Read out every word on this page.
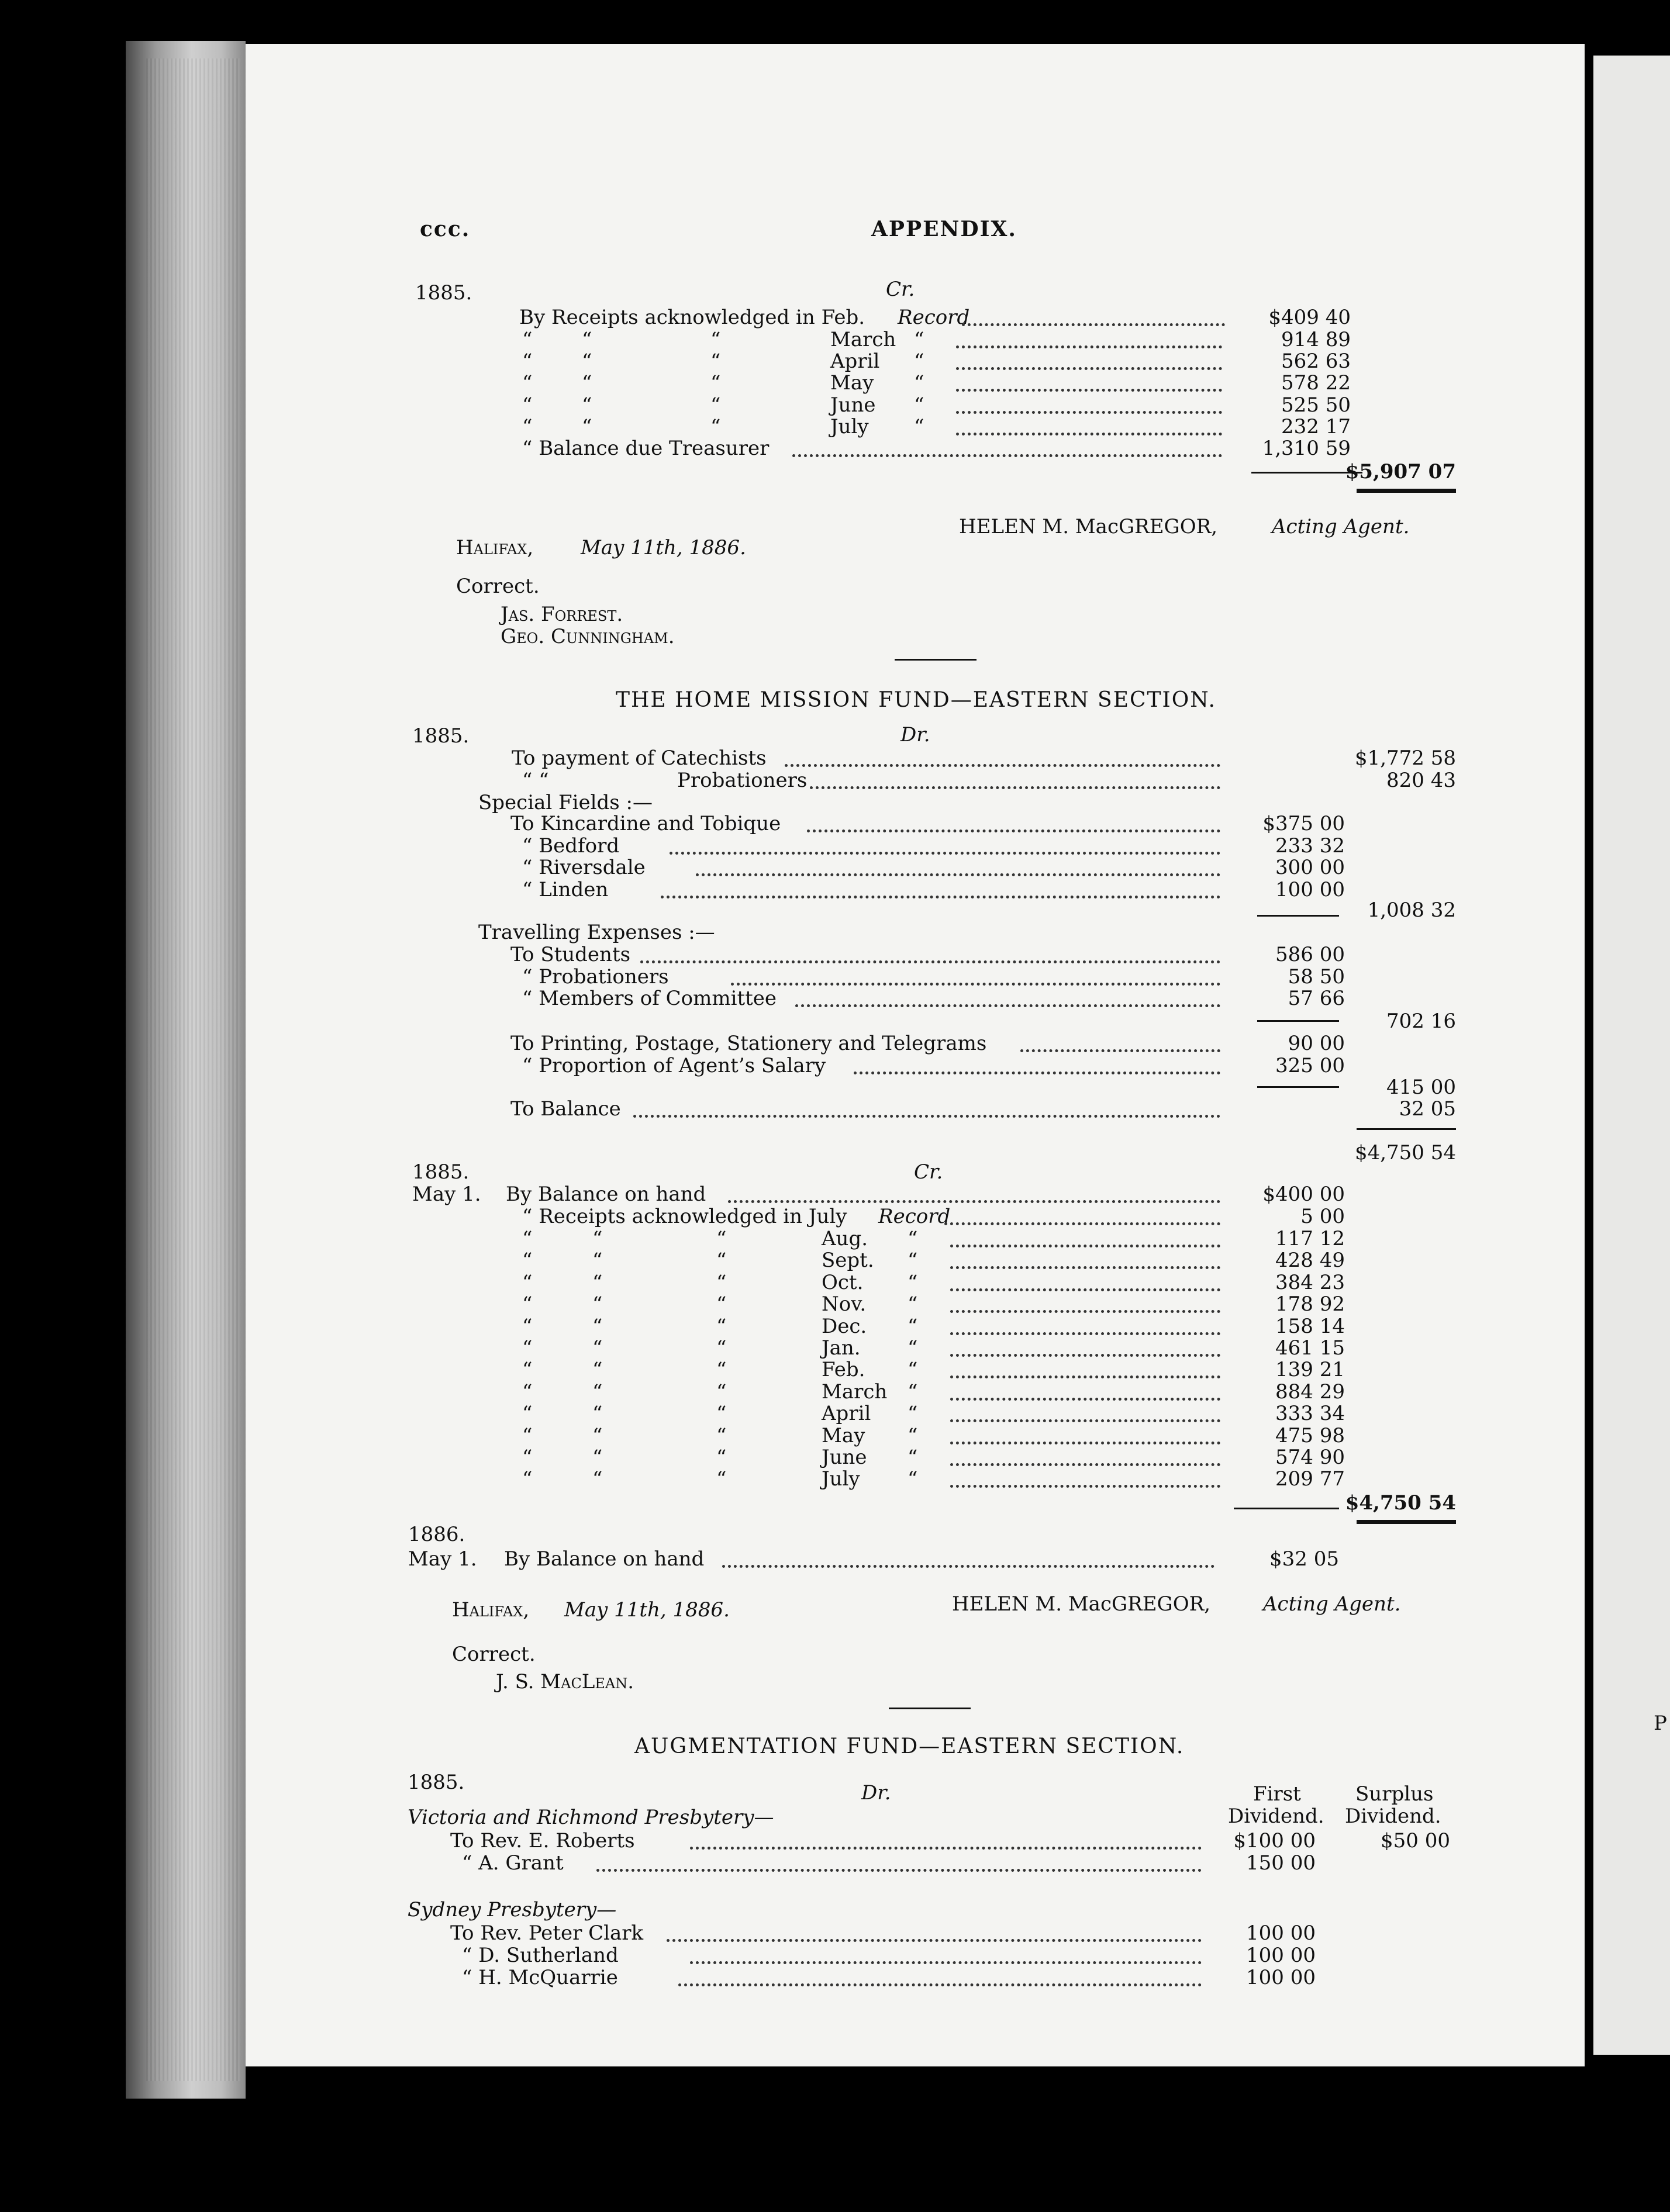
P
ccc.	APPENDIX.
1885.	Cr.
By Receipts acknowledged in Feb. Record	$409 40
“ “	“	March “	914 89
“ “	“	April “	562 63
“ “	“	May “	578 22
“ “	“	June “	525 50
“ “	“	July “	232 17
“ Balance due Treasurer	1,310 59
$5,907 07
Halifax, May 11th, 1886.
HELEN M. MacGREGOR,	Acting Agent.
Correct.
Jas. Forrest.
Geo. Cunningham.
THE HOME MISSION FUND—EASTERN SECTION.
1885.	Dr.
To payment of Catechists	$1,772 58
“ “	Probationers	820 43
Special Fields :—
To Kincardine and Tobique	$375 00
“ Bedford	233 32
“ Riversdale	300 00
“ Linden	100 00
1,008 32
Travelling Expenses :—
To Students	586 00
“ Probationers	58 50
“ Members of Committee	57 66
702 16
To Printing, Postage, Stationery and Telegrams	90 00
“ Proportion of Agent’s Salary	325 00
415 00
To Balance	32 05
$4,750 54
1885.	Cr.
May 1. By Balance on hand	$400 00
“ Receipts acknowledged in July Record	5 00
“	“	“	Aug. “	117 12
“	“	“	Sept. “	428 49
“	“	“	Oct. “	384 23
“	“	“	Nov. “	178 92
“	“	“	Dec. “	158 14
“	“	“	Jan. “	461 15
“	“	“	Feb. “	139 21
“	“	“	March “	884 29
“	“	“	April “	333 34
“	“	“	May “	475 98
“	“	“	June “	574 90
“	“	“	July “	209 77
$4,750 54
1886.
May 1. By Balance on hand	$32 05
Halifax, May 11th, 1886.	HELEN M. MacGREGOR,	Acting Agent.
Correct.
J. S. MacLean.
AUGMENTATION FUND—EASTERN SECTION.
1885.	Dr.	First
Dividend.
Surplus
Dividend.
Victoria and Richmond Presbytery—
To Rev. E. Roberts	$100 00	$50 00
“ A. Grant	150 00
Sydney Presbytery—
To Rev. Peter Clark	100 00
“ D. Sutherland	100 00
“ H. McQuarrie	100 00
